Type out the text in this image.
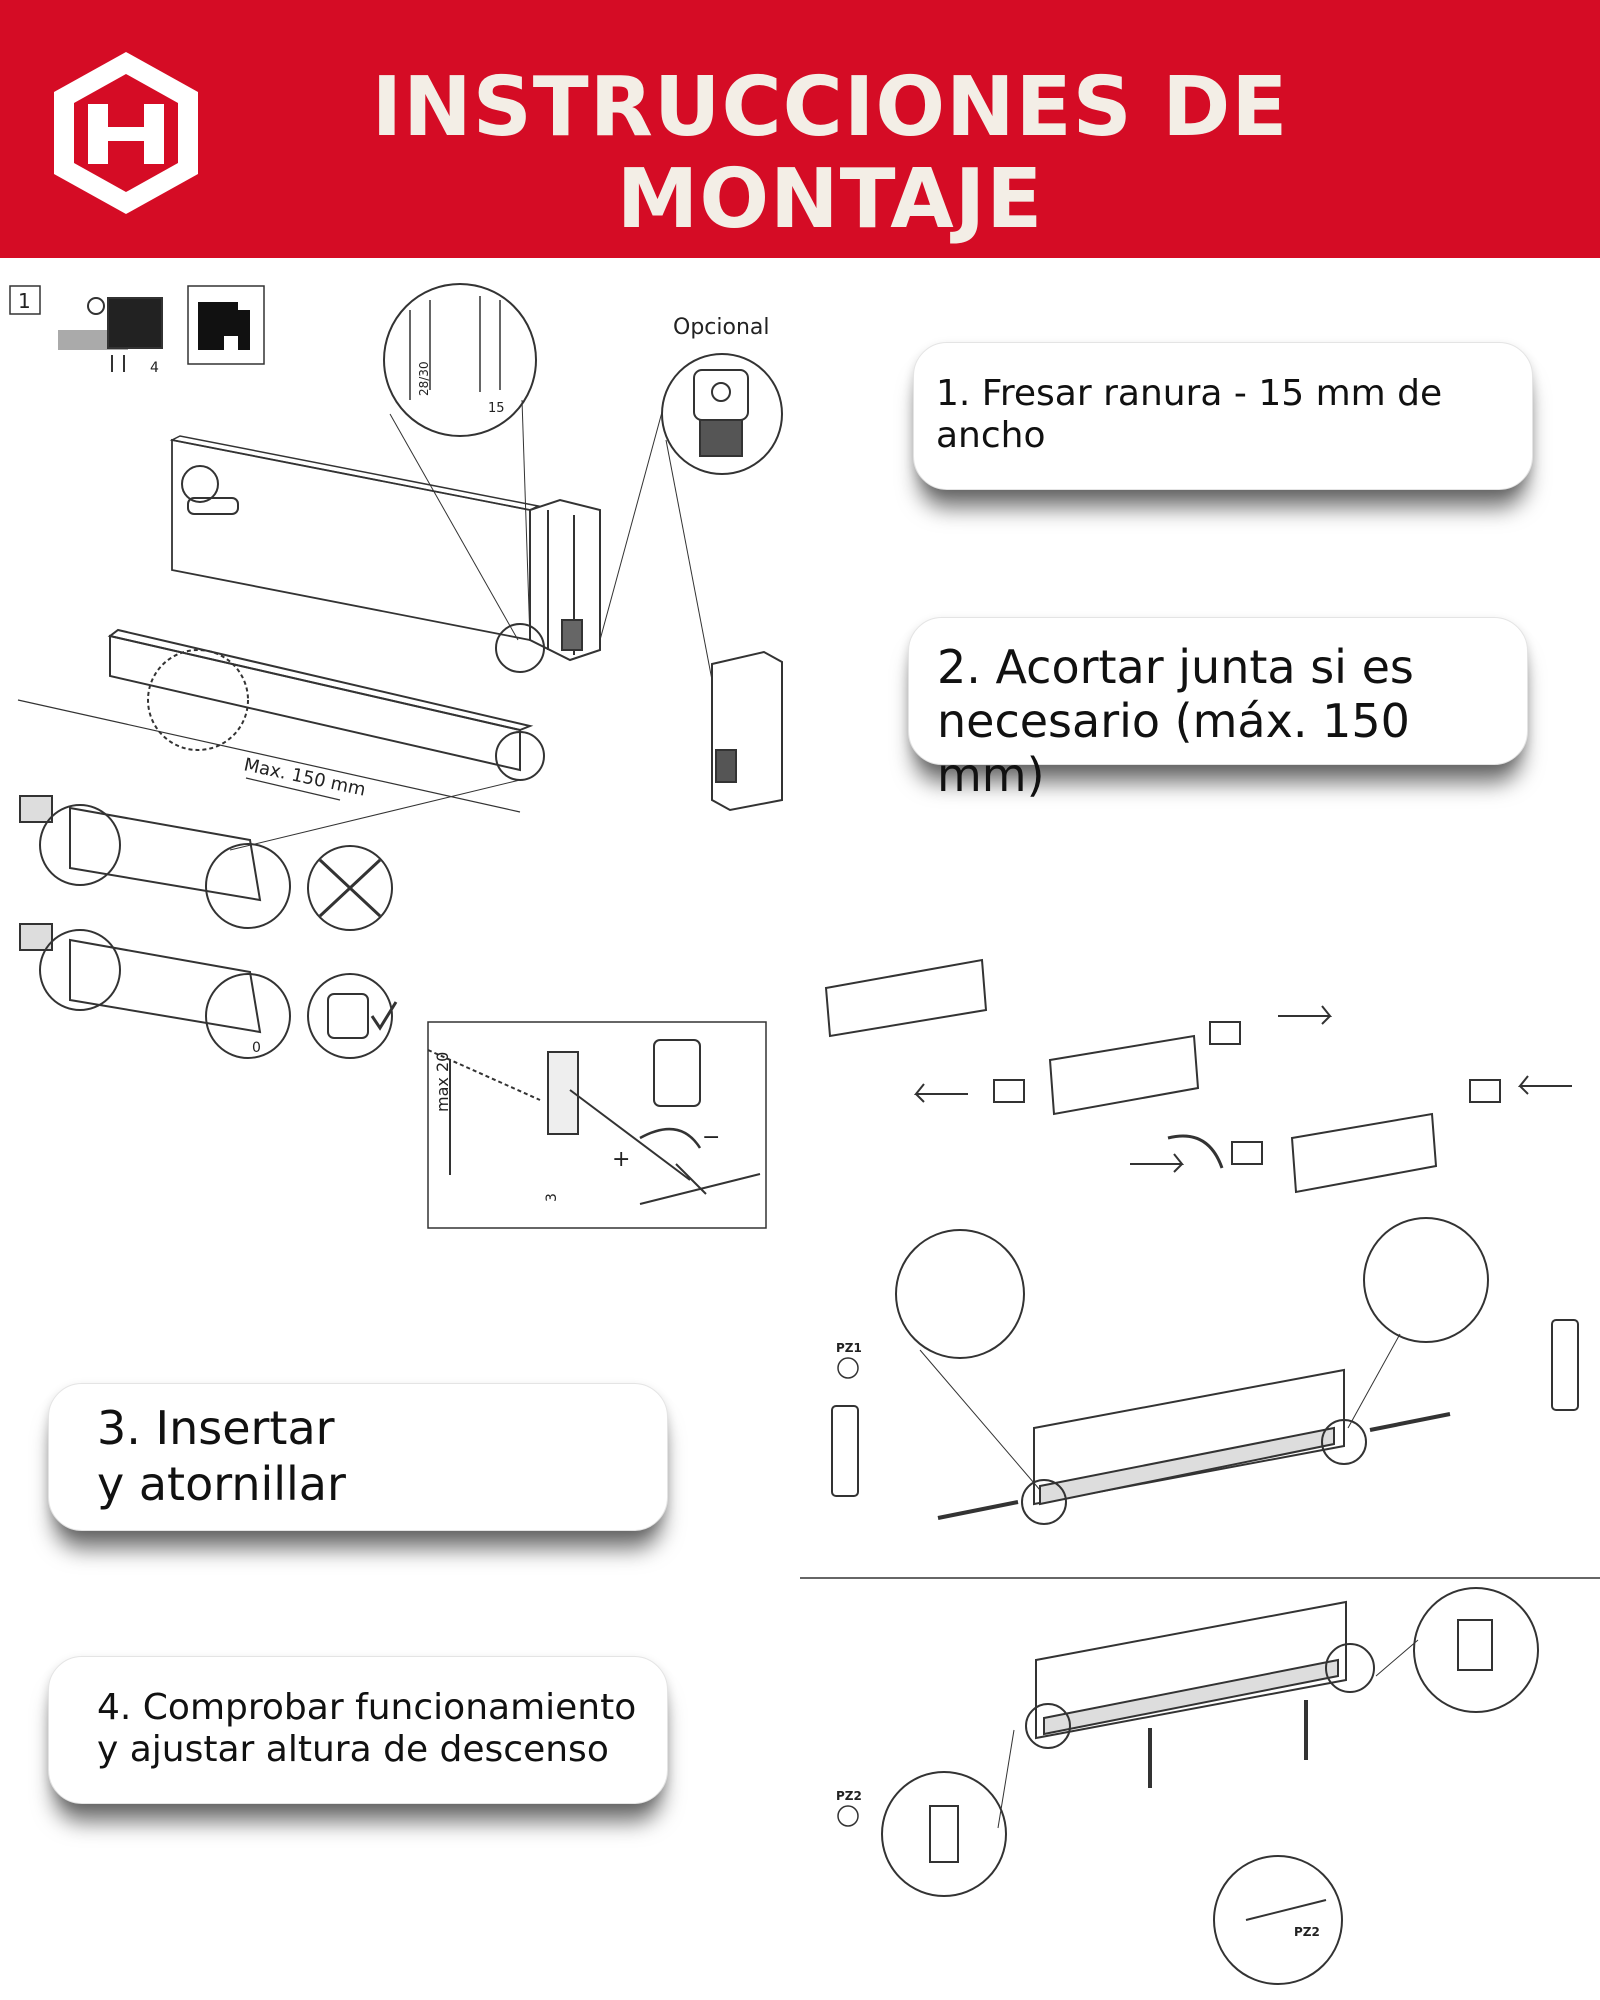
INSTRUCCIONES DE MONTAJE
1
Opcional
Max. 150 mm
28/30
15
4
0
max 20
3
+
−
PZ1
PZ2
PZ2
1. Fresar ranura - 15 mm de
ancho
2. Acortar junta si es
necesario (máx. 150 mm)
3. Insertar
y atornillar
4. Comprobar funcionamiento
y ajustar altura de descenso
